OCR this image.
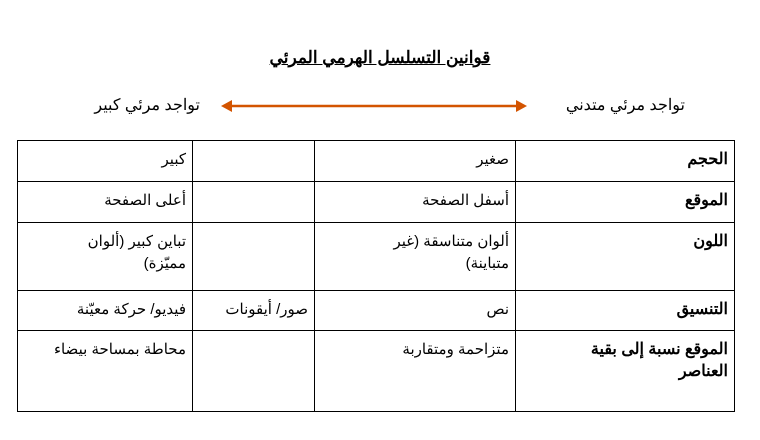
قوانين التسلسل الهرمي المرئي
تواجد مرئي متدني
تواجد مرئي كبير
الحجم	صغير		كبير
الموقع	أسفل الصفحة		أعلى الصفحة
اللون	ألوان متناسقة (غير متباينة)		تباين كبير (ألوان مميّزة)
التنسيق	نص	صور/ أيقونات	فيديو/ حركة معيّنة
الموقع نسبة إلى بقية العناصر	متزاحمة ومتقاربة		محاطة بمساحة بيضاء
